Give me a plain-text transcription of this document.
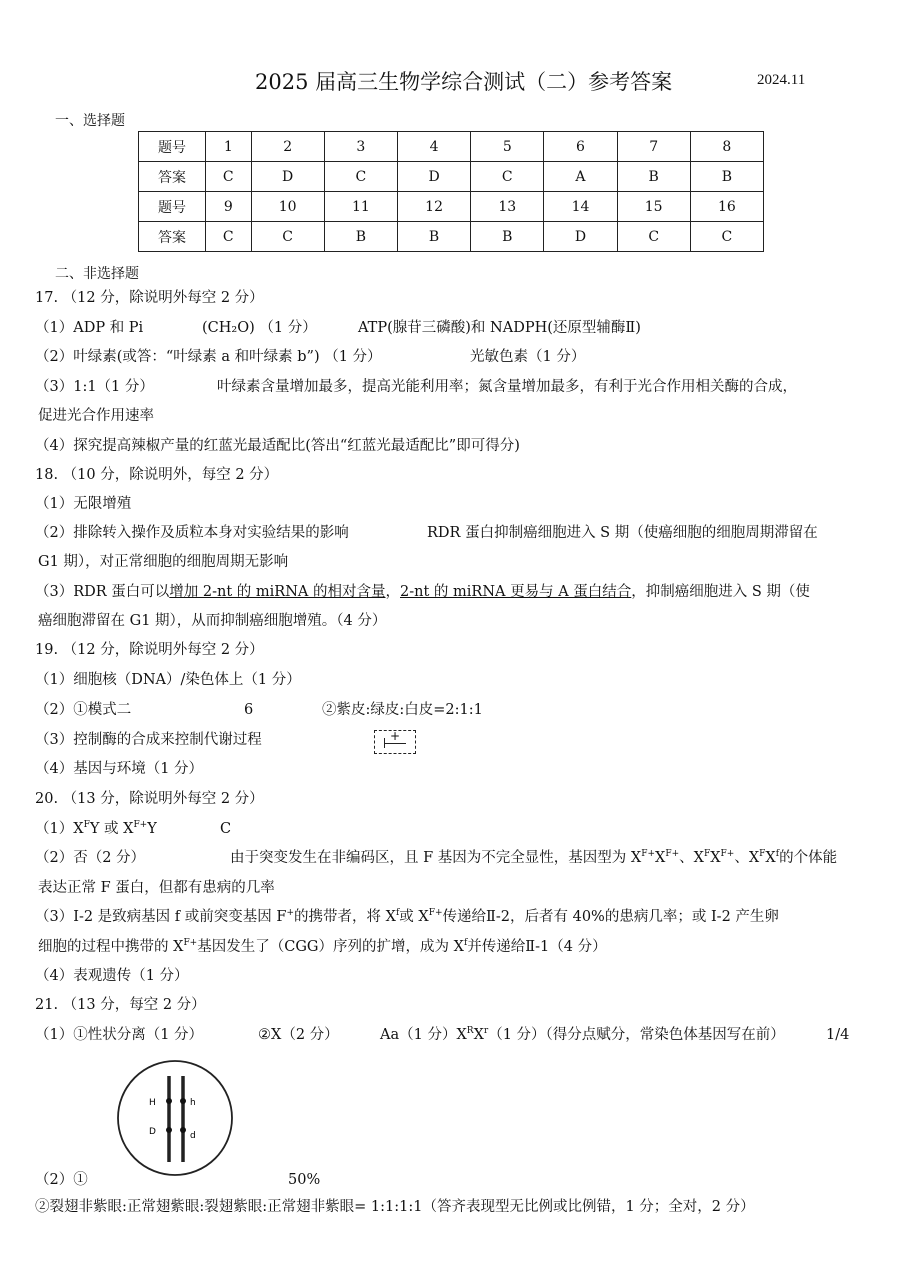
2025 届高三生物学综合测试（二）参考答案	2024.11
一、选择题
题号	1	2	3	4	5	6	7	8
答案	C	D	C	D	C	A	B	B
题号	9	10	11	12	13	14	15	16
答案	C	C	B	B	B	D	C	C
二、非选择题
17. （12 分，除说明外每空 2 分）
（1）ADP 和 Pi	(CH₂O) （1 分）	ATP(腺苷三磷酸)和 NADPH(还原型辅酶Ⅱ)
（2）叶绿素(或答：“叶绿素 a 和叶绿素 b”) （1 分）	光敏色素（1 分）
（3）1:1（1 分）	叶绿素含量增加最多，提高光能利用率；氮含量增加最多，有利于光合作用相关酶的合成，
促进光合作用速率
（4）探究提高辣椒产量的红蓝光最适配比(答出“红蓝光最适配比”即可得分)
18. （10 分，除说明外，每空 2 分）
（1）无限增殖
（2）排除转入操作及质粒本身对实验结果的影响	RDR 蛋白抑制癌细胞进入 S 期（使癌细胞的细胞周期滞留在
G1 期），对正常细胞的细胞周期无影响
（3）RDR 蛋白可以增加 2-nt 的 miRNA 的相对含量，2-nt 的 miRNA 更易与 A 蛋白结合，抑制癌细胞进入 S 期（使
癌细胞滞留在 G1 期），从而抑制癌细胞增殖。（4 分）
19. （12 分，除说明外每空 2 分）
（1）细胞核（DNA）/染色体上（1 分）
（2）①模式二	6	②紫皮:绿皮:白皮=2:1:1
（3）控制酶的合成来控制代谢过程	+
（4）基因与环境（1 分）
20. （13 分，除说明外每空 2 分）
$(1)X^FY$ 或 $X^{F+}Y$	C
（2）否（2 分）	由于突变发生在非编码区，且 F 基因为不完全显性，基因型为 $X^{F+}X^{F+}$、$X^FX^{F+}$、$X^FX^f$的个体能
表达正常 F 蛋白，但都有患病的几率
（3）I-2 是致病基因 f 或前突变基因 F+的携带者，将 $X^f$或 $X^{F+}$传递给Ⅱ-2，后者有 40%的患病几率；或 I-2 产生卵
细胞的过程中携带的 $X^{F+}$基因发生了（CGG）序列的扩增，成为 $X^f$并传递给Ⅱ-1（4 分）
（4）表观遗传（1 分）
21. （13 分，每空 2 分）
（1）①性状分离（1 分）	②X（2 分）	Aa（1 分）$X^RX^r(1$ 分）（得分点赋分，常染色体基因写在前）	1/4
H	h
D	d
（2）①	50%
②裂翅非紫眼:正常翅紫眼:裂翅紫眼:正常翅非紫眼= 1:1:1:1（答齐表现型无比例或比例错，1 分；全对，2 分）
